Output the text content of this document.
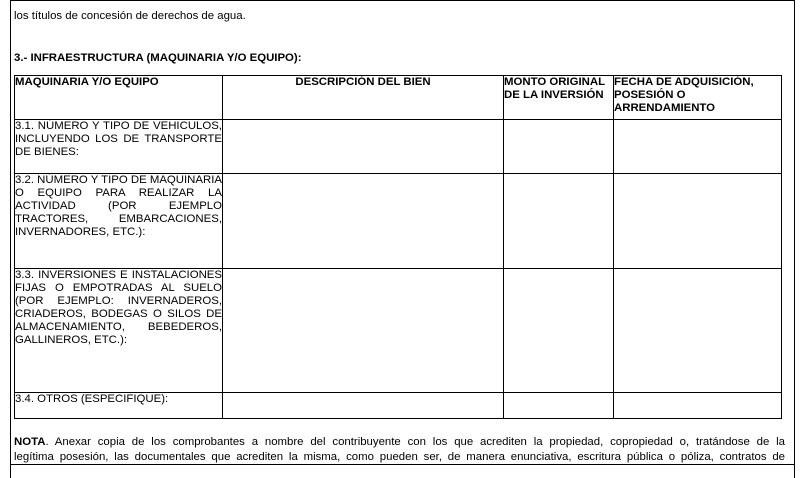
los títulos de concesión de derechos de agua.
3.- INFRAESTRUCTURA (MAQUINARIA Y/O EQUIPO):
MAQUINARIA Y/O EQUIPO	DESCRIPCIÓN DEL BIEN	MONTO ORIGINAL DE LA INVERSIÓN	FECHA DE ADQUISICIÓN, POSESIÓN O ARRENDAMIENTO
3.1. NÚMERO Y TIPO DE VEHICULOS, INCLUYENDO LOS DE TRANSPORTE DE BIENES:			
3.2. NÚMERO Y TIPO DE MAQUINARIA O EQUIPO PARA REALIZAR LA ACTIVIDAD (POR EJEMPLO TRACTORES, EMBARCACIONES, INVERNADORES, ETC.):			
3.3. INVERSIONES E INSTALACIONES FIJAS O EMPOTRADAS AL SUELO (POR EJEMPLO: INVERNADEROS, CRIADEROS, BODEGAS O SILOS DE ALMACENAMIENTO, BEBEDEROS, GALLINEROS, ETC.):			
3.4. OTROS (ESPECIFIQUE):			
NOTA. Anexar copia de los comprobantes a nombre del contribuyente con los que acrediten la propiedad, copropiedad o, tratándose de la
legítima posesión, las documentales que acrediten la misma, como pueden ser, de manera enunciativa, escritura pública o póliza, contratos de
